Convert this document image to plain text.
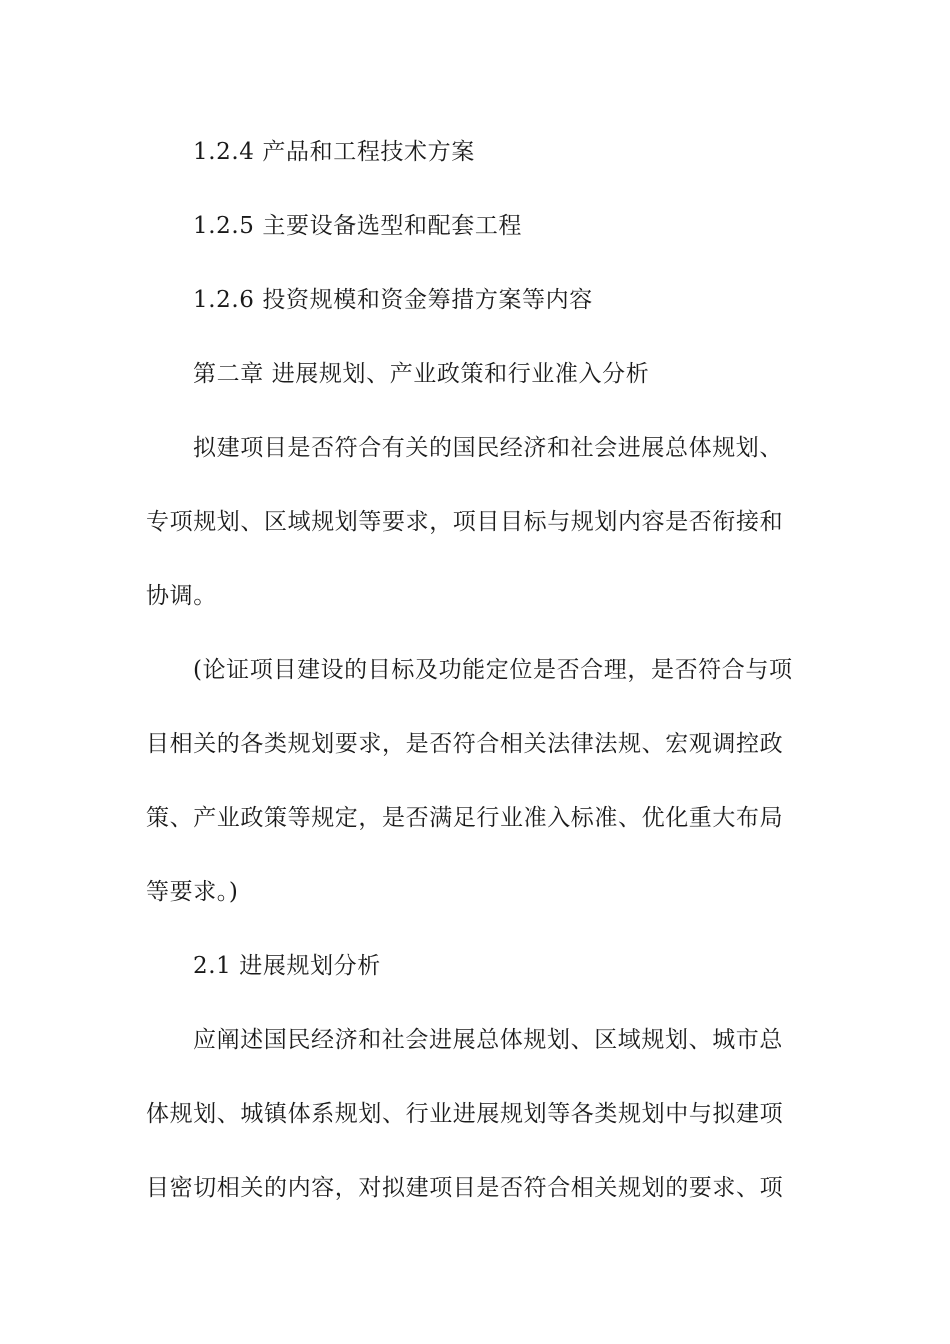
1.2.4 产品和工程技术方案
1.2.5 主要设备选型和配套工程
1.2.6 投资规模和资金筹措方案等内容
第二章 进展规划、产业政策和行业准入分析
拟建项目是否符合有关的国民经济和社会进展总体规划、
专项规划、区域规划等要求，项目目标与规划内容是否衔接和
协调。
(论证项目建设的目标及功能定位是否合理，是否符合与项
目相关的各类规划要求，是否符合相关法律法规、宏观调控政
策、产业政策等规定，是否满足行业准入标准、优化重大布局
等要求。)
2.1 进展规划分析
应阐述国民经济和社会进展总体规划、区域规划、城市总
体规划、城镇体系规划、行业进展规划等各类规划中与拟建项
目密切相关的内容，对拟建项目是否符合相关规划的要求、项
